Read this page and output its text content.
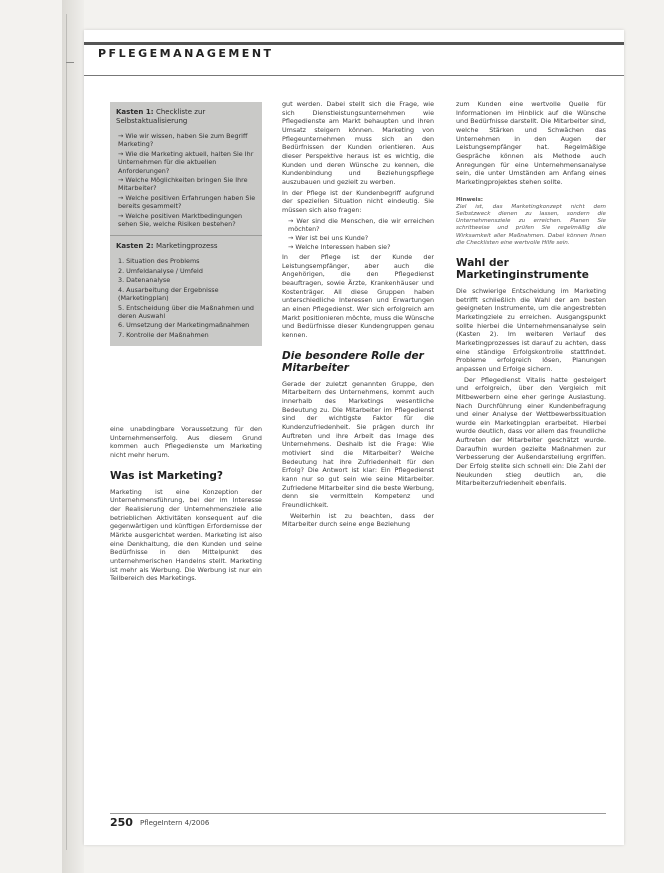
PFLEGEMANAGEMENT
Kasten 1: Checkliste zur Selbstaktualisierung
→ Wie wir wissen, haben Sie zum Begriff Marketing?
→ Wie die Marketing aktuell, halten Sie Ihr Unternehmen für die aktuellen Anforderungen?
→ Welche Möglichkeiten bringen Sie Ihre Mitarbeiter?
→ Welche positiven Erfahrungen haben Sie bereits gesammelt?
→ Welche positiven Marktbedingungen sehen Sie, welche Risiken bestehen?
Kasten 2: Marketingprozess
1. Situation des Problems
2. Umfeldanalyse / Umfeld
3. Datenanalyse
4. Ausarbeitung der Ergebnisse (Marketingplan)
5. Entscheidung über die Maßnahmen und deren Auswahl
6. Umsetzung der Marketingmaßnahmen
7. Kontrolle der Maßnahmen

eine unabdingbare Voraussetzung für den Unternehmenserfolg. Aus diesem Grund kommen auch Pflegedienste um Marketing nicht mehr herum.

Was ist Marketing?

Marketing ist eine Konzeption der Unternehmensführung, bei der im Interesse der Realisierung der Unternehmensziele alle betrieblichen Aktivitäten konsequent auf die gegenwärtigen und künftigen Erfordernisse der Märkte ausgerichtet werden. Marketing ist also eine Denkhaltung, die den Kunden und seine Bedürfnisse in den Mittelpunkt des unternehmerischen Handelns stellt. Marketing ist mehr als Werbung. Die Werbung ist nur ein Teilbereich des Marketings.

gut werden. Dabei stellt sich die Frage, wie sich Dienstleistungsunternehmen wie Pflegedienste am Markt behaupten und ihren Umsatz steigern können. Marketing von Pflegeunternehmen muss sich an den Bedürfnissen der Kunden orientieren. Aus dieser Perspektive heraus ist es wichtig, die Kunden und deren Wünsche zu kennen, die Kundenbindung und Beziehungspflege auszubauen und gezielt zu werben.

In der Pflege ist der Kundenbegriff aufgrund der speziellen Situation nicht eindeutig. Sie müssen sich also fragen:

→ Wer sind die Menschen, die wir erreichen möchten?

→ Wer ist bei uns Kunde?

→ Welche Interessen haben sie?

In der Pflege ist der Kunde der Leistungsempfänger, aber auch die Angehörigen, die den Pflegedienst beauftragen, sowie Ärzte, Krankenhäuser und Kostenträger. All diese Gruppen haben unterschiedliche Interessen und Erwartungen an einen Pflegedienst. Wer sich erfolgreich am Markt positionieren möchte, muss die Wünsche und Bedürfnisse dieser Kundengruppen genau kennen.

Die besondere Rolle der Mitarbeiter

Gerade der zuletzt genannten Gruppe, den Mitarbeitern des Unternehmens, kommt auch innerhalb des Marketings wesentliche Bedeutung zu. Die Mitarbeiter im Pflegedienst sind der wichtigste Faktor für die Kundenzufriedenheit. Sie prägen durch ihr Auftreten und ihre Arbeit das Image des Unternehmens. Deshalb ist die Frage: Wie motiviert sind die Mitarbeiter? Welche Bedeutung hat ihre Zufriedenheit für den Erfolg? Die Antwort ist klar: Ein Pflegedienst kann nur so gut sein wie seine Mitarbeiter. Zufriedene Mitarbeiter sind die beste Werbung, denn sie vermitteln Kompetenz und Freundlichkeit.

Weiterhin ist zu beachten, dass der Mitarbeiter durch seine enge Beziehung

zum Kunden eine wertvolle Quelle für Informationen im Hinblick auf die Wünsche und Bedürfnisse darstellt. Die Mitarbeiter sind, welche Stärken und Schwächen das Unternehmen in den Augen der Leistungsempfänger hat. Regelmäßige Gespräche können als Methode auch Anregungen für eine Unternehmensanalyse sein, die unter Umständen am Anfang eines Marketingprojektes stehen sollte.

Hinweis:
Ziel ist, das Marketingkonzept nicht dem Selbstzweck dienen zu lassen, sondern die Unternehmensziele zu erreichen. Planen Sie schrittweise und prüfen Sie regelmäßig die Wirksamkeit aller Maßnahmen. Dabei können Ihnen die Checklisten eine wertvolle Hilfe sein.
Wahl der Marketinginstrumente

Die schwierige Entscheidung im Marketing betrifft schließlich die Wahl der am besten geeigneten Instrumente, um die angestrebten Marketingziele zu erreichen. Ausgangspunkt sollte hierbei die Unternehmensanalyse sein (Kasten 2). Im weiteren Verlauf des Marketingprozesses ist darauf zu achten, dass eine ständige Erfolgskontrolle stattfindet. Probleme erfolgreich lösen, Planungen anpassen und Erfolge sichern.

Der Pflegedienst Vitalis hatte gesteigert und erfolgreich, über den Vergleich mit Mitbewerbern eine eher geringe Auslastung. Nach Durchführung einer Kundenbefragung und einer Analyse der Wettbewerbssituation wurde ein Marketingplan erarbeitet. Hierbei wurde deutlich, dass vor allem das freundliche Auftreten der Mitarbeiter geschätzt wurde. Daraufhin wurden gezielte Maßnahmen zur Verbesserung der Außendarstellung ergriffen. Der Erfolg stellte sich schnell ein: Die Zahl der Neukunden stieg deutlich an, die Mitarbeiterzufriedenheit ebenfalls.

250 PflegeIntern 4/2006
